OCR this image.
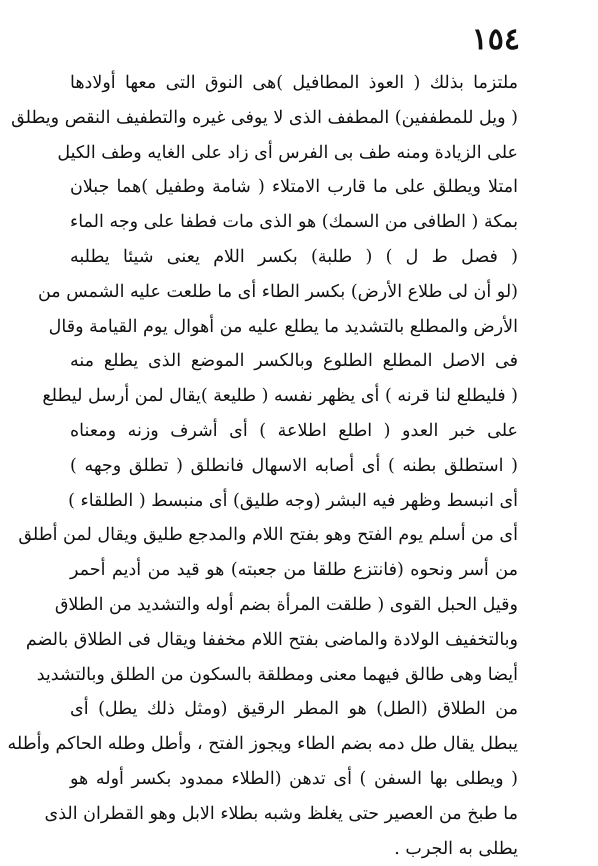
١٥٤
ملتزما بذلك ( العوذ المطافيل )هى النوق التى معها أولادها
( ويل للمطففين) المطفف الذى لا يوفى غيره والتطفيف النقص ويطلق
على الزيادة ومنه طف بى الفرس أى زاد على الغايه وطف الكيل
امتلا ويطلق على ما قارب الامتلاء ( شامة وطفيل )هما جبلان
بمكة ( الطافى من السمك) هو الذى مات فطفا على وجه الماء
( فصل ط ل ) ( طلبة) بكسر اللام يعنى شيئا يطلبه
(لو أن لى طلاع الأرض) بكسر الطاء أى ما طلعت عليه الشمس من
الأرض والمطلع بالتشديد ما يطلع عليه من أهوال يوم القيامة وقال
فى الاصل المطلع الطلوع وبالكسر الموضع الذى يطلع منه
( فليطلع لنا قرنه ) أى يظهر نفسه ( طليعة )يقال لمن أرسل ليطلع
على خبر العدو ( اطلع اطلاعة ) أى أشرف وزنه ومعناه
( استطلق بطنه ) أى أصابه الاسهال فانطلق ( تطلق وجهه )
أى انبسط وظهر فيه البشر (وجه طليق) أى منبسط ( الطلقاء )
أى من أسلم يوم الفتح وهو بفتح اللام والمدجع طليق ويقال لمن أطلق
من أسر ونحوه (فانتزع طلقا من جعبته) هو قيد من أديم أحمر
وقيل الحبل القوى ( طلقت المرأة بضم أوله والتشديد من الطلاق
وبالتخفيف الولادة والماضى بفتح اللام مخففا ويقال فى الطلاق بالضم
أيضا وهى طالق فيهما معنى ومطلقة بالسكون من الطلق وبالتشديد
من الطلاق (الطل) هو المطر الرقيق (ومثل ذلك يطل) أى
يبطل يقال طل دمه بضم الطاء ويجوز الفتح ، وأطل وطله الحاكم وأطله
( ويطلى بها السفن ) أى تدهن (الطلاء ممدود بكسر أوله هو
ما طبخ من العصير حتى يغلظ وشبه بطلاء الابل وهو القطران الذى
يطلى به الجرب .
